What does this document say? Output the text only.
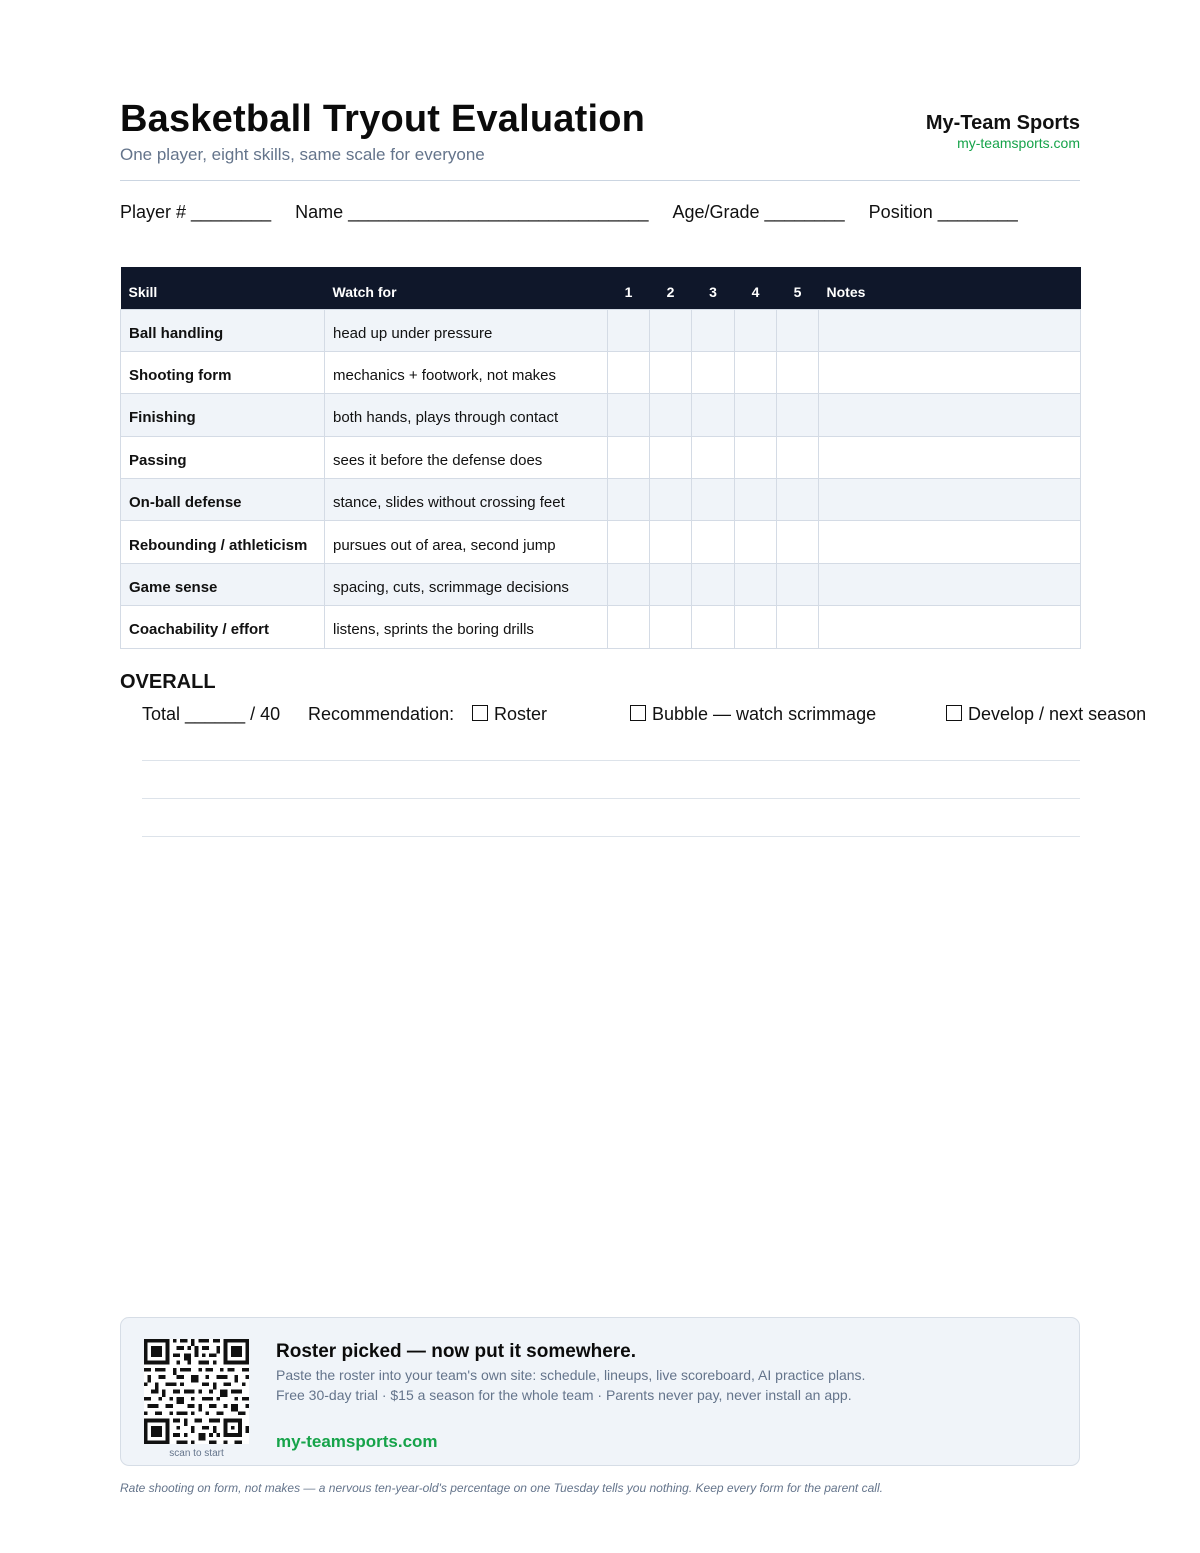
Basketball Tryout Evaluation
One player, eight skills, same scale for everyone
My-Team Sports
my-teamsports.com
Player # ________ Name ______________________________ Age/Grade ________ Position ________
Skill	Watch for	1	2	3	4	5	Notes
Ball handling	head up under pressure						
Shooting form	mechanics + footwork, not makes						
Finishing	both hands, plays through contact						
Passing	sees it before the defense does						
On-ball defense	stance, slides without crossing feet						
Rebounding / athleticism	pursues out of area, second jump						
Game sense	spacing, cuts, scrimmage decisions						
Coachability / effort	listens, sprints the boring drills						
OVERALL
Total ______ / 40 Recommendation:	Roster	Bubble — watch scrimmage	Develop / next season
scan to start
Roster picked — now put it somewhere.
Paste the roster into your team's own site: schedule, lineups, live scoreboard, AI practice plans.
Free 30-day trial · $15 a season for the whole team · Parents never pay, never install an app.
my-teamsports.com
Rate shooting on form, not makes — a nervous ten-year-old's percentage on one Tuesday tells you nothing. Keep every form for the parent call.
